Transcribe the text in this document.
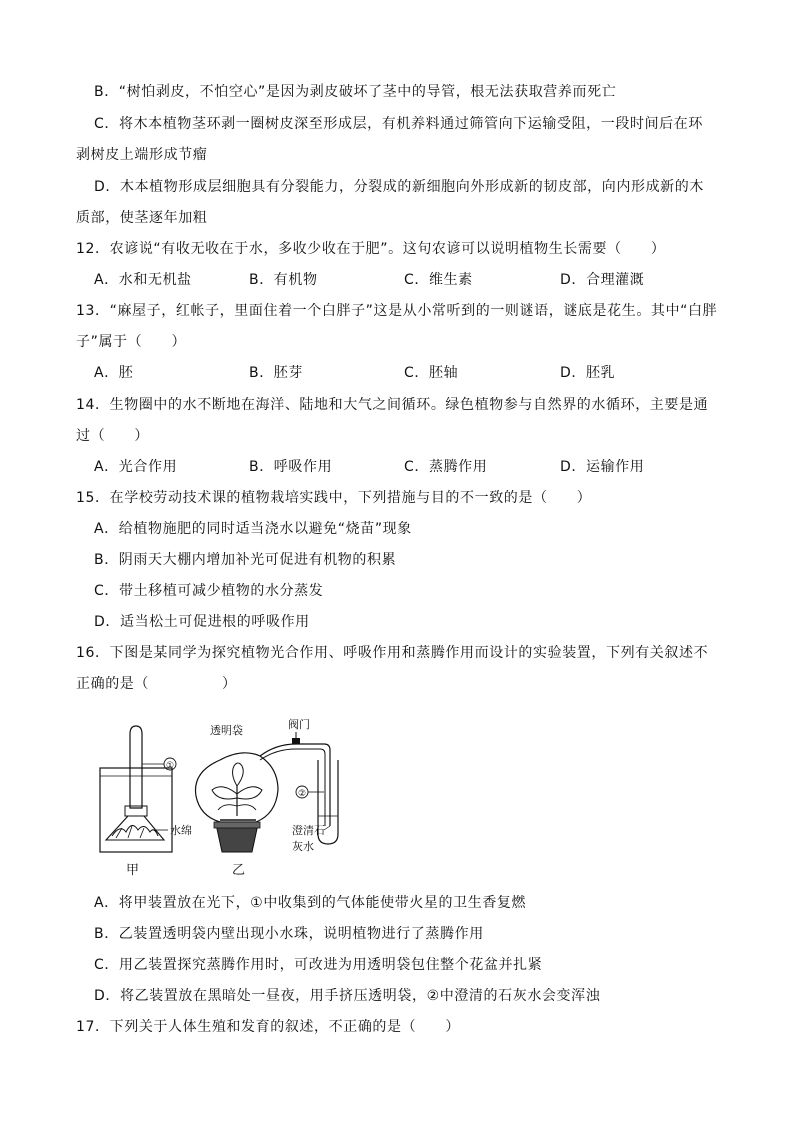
B．“树怕剥皮，不怕空心”是因为剥皮破坏了茎中的导管，根无法获取营养而死亡
C．将木本植物茎环剥一圈树皮深至形成层，有机养料通过筛管向下运输受阻，一段时间后在环
剥树皮上端形成节瘤
D．木本植物形成层细胞具有分裂能力，分裂成的新细胞向外形成新的韧皮部，向内形成新的木
质部，使茎逐年加粗
12．农谚说“有收无收在于水，多收少收在于肥”。这句农谚可以说明植物生长需要（　　）
A．水和无机盐	B．有机物	C．维生素	D．合理灌溉
13．“麻屋子，红帐子，里面住着一个白胖子”这是从小常听到的一则谜语，谜底是花生。其中“白胖
子”属于（　　）
A．胚	B．胚芽	C．胚轴	D．胚乳
14．生物圈中的水不断地在海洋、陆地和大气之间循环。绿色植物参与自然界的水循环，主要是通
过（　　）
A．光合作用	B．呼吸作用	C．蒸腾作用	D．运输作用
15．在学校劳动技术课的植物栽培实践中，下列措施与目的不一致的是（　　）
A．给植物施肥的同时适当浇水以避免“烧苗”现象
B．阴雨天大棚内增加补光可促进有机物的积累
C．带土移植可减少植物的水分蒸发
D．适当松土可促进根的呼吸作用
16．下图是某同学为探究植物光合作用、呼吸作用和蒸腾作用而设计的实验装置，下列有关叙述不
正确的是（　　　　　）
①
水绵
甲
透明袋	阀门
②
澄清石
灰水
乙
A．将甲装置放在光下，①中收集到的气体能使带火星的卫生香复燃
B．乙装置透明袋内壁出现小水珠，说明植物进行了蒸腾作用
C．用乙装置探究蒸腾作用时，可改进为用透明袋包住整个花盆并扎紧
D．将乙装置放在黑暗处一昼夜，用手挤压透明袋，②中澄清的石灰水会变浑浊
17．下列关于人体生殖和发育的叙述，不正确的是（　　）
